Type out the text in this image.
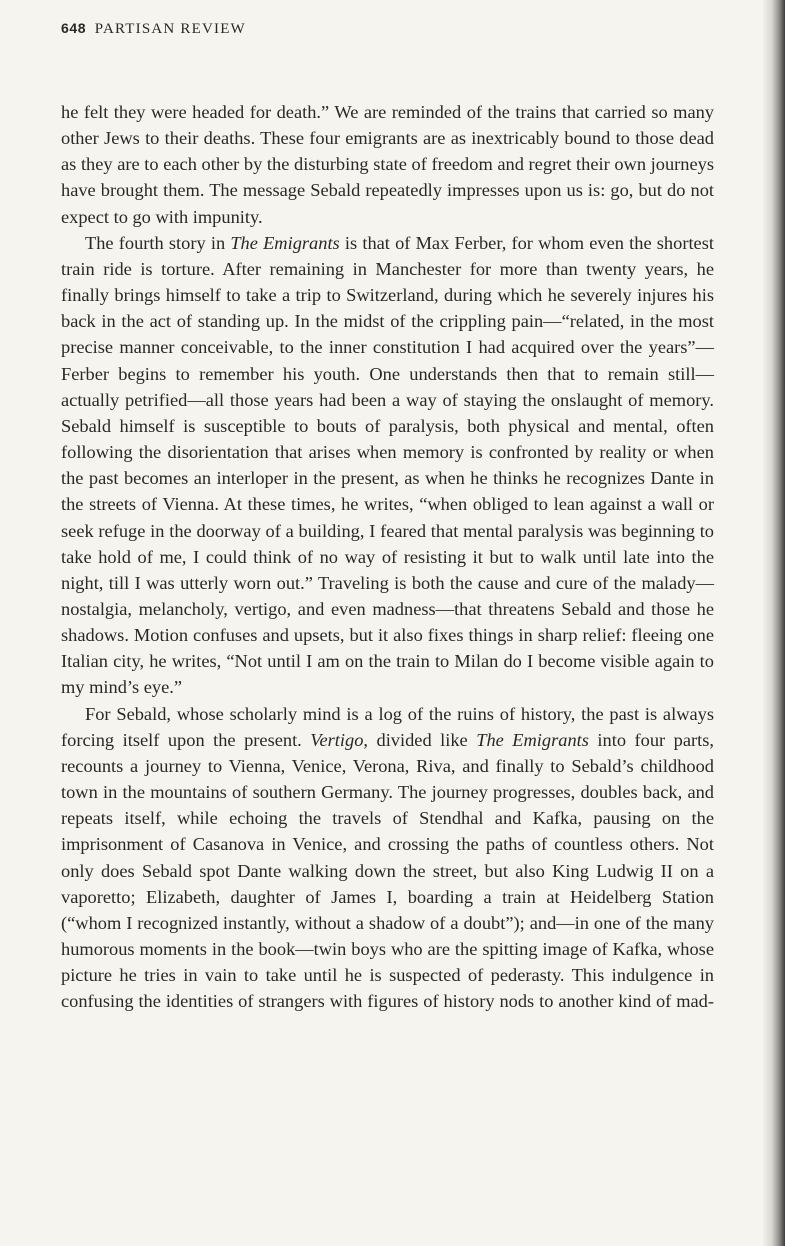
648 PARTISAN REVIEW

he felt they were headed for death.” We are reminded of the trains that carried so many other Jews to their deaths. These four emigrants are as inextricably bound to those dead as they are to each other by the disturbing state of freedom and regret their own journeys have brought them. The message Sebald repeatedly impresses upon us is: go, but do not expect to go with impunity.

The fourth story in The Emigrants is that of Max Ferber, for whom even the shortest train ride is torture. After remaining in Manchester for more than twenty years, he finally brings himself to take a trip to Switzerland, during which he severely injures his back in the act of standing up. In the midst of the crippling pain—“related, in the most precise manner conceivable, to the inner constitution I had acquired over the years”—Ferber begins to remember his youth. One understands then that to remain still—actually petrified—all those years had been a way of staying the onslaught of memory. Sebald himself is susceptible to bouts of paralysis, both physical and mental, often following the disorientation that arises when memory is confronted by reality or when the past becomes an interloper in the present, as when he thinks he recognizes Dante in the streets of Vienna. At these times, he writes, “when obliged to lean against a wall or seek refuge in the doorway of a building, I feared that mental paralysis was beginning to take hold of me, I could think of no way of resisting it but to walk until late into the night, till I was utterly worn out.” Traveling is both the cause and cure of the malady—nostalgia, melancholy, vertigo, and even madness—that threatens Sebald and those he shadows. Motion confuses and upsets, but it also fixes things in sharp relief: fleeing one Italian city, he writes, “Not until I am on the train to Milan do I become visible again to my mind’s eye.”

For Sebald, whose scholarly mind is a log of the ruins of history, the past is always forcing itself upon the present. Vertigo, divided like The Emigrants into four parts, recounts a journey to Vienna, Venice, Verona, Riva, and finally to Sebald’s childhood town in the mountains of southern Germany. The journey progresses, doubles back, and repeats itself, while echoing the travels of Stendhal and Kafka, pausing on the imprisonment of Casanova in Venice, and crossing the paths of countless others. Not only does Sebald spot Dante walking down the street, but also King Ludwig II on a vaporetto; Elizabeth, daughter of James I, boarding a train at Heidelberg Station (“whom I recognized instantly, without a shadow of a doubt”); and—in one of the many humorous moments in the book—twin boys who are the spitting image of Kafka, whose picture he tries in vain to take until he is suspected of pederasty. This indulgence in confusing the identities of strangers with figures of history nods to another kind of mad-
